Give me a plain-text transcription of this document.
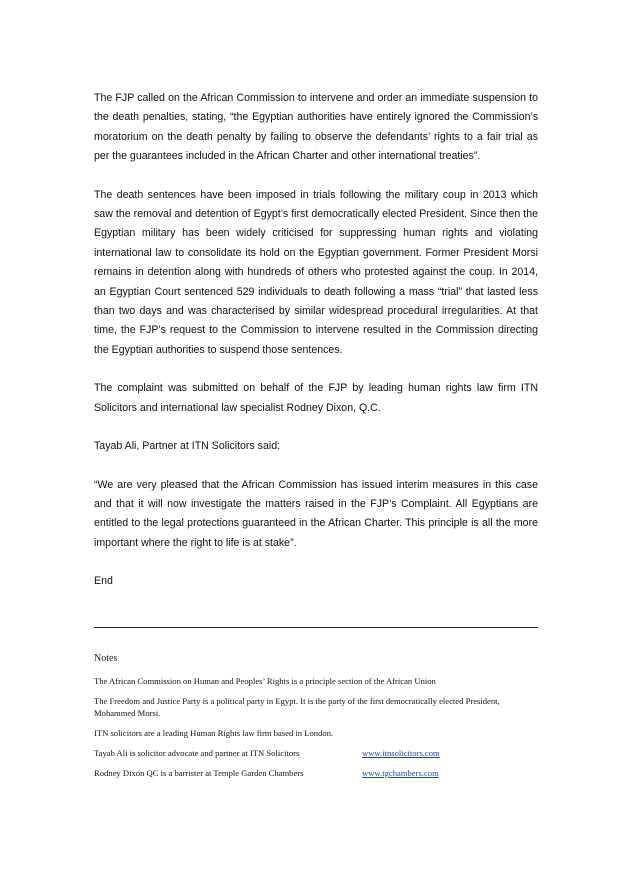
The FJP called on the African Commission to intervene and order an immediate suspension to the death penalties, stating, “the Egyptian authorities have entirely ignored the Commission’s moratorium on the death penalty by failing to observe the defendants’ rights to a fair trial as per the guarantees included in the African Charter and other international treaties”.

The death sentences have been imposed in trials following the military coup in 2013 which saw the removal and detention of Egypt’s first democratically elected President. Since then the Egyptian military has been widely criticised for suppressing human rights and violating international law to consolidate its hold on the Egyptian government. Former President Morsi remains in detention along with hundreds of others who protested against the coup. In 2014, an Egyptian Court sentenced 529 individuals to death following a mass “trial” that lasted less than two days and was characterised by similar widespread procedural irregularities. At that time, the FJP’s request to the Commission to intervene resulted in the Commission directing the Egyptian authorities to suspend those sentences.

The complaint was submitted on behalf of the FJP by leading human rights law firm ITN Solicitors and international law specialist Rodney Dixon, Q.C.

Tayab Ali, Partner at ITN Solicitors said:

“We are very pleased that the African Commission has issued interim measures in this case and that it will now investigate the matters raised in the FJP’s Complaint. All Egyptians are entitled to the legal protections guaranteed in the African Charter. This principle is all the more important where the right to life is at stake”.

End

Notes

The African Commission on Human and Peoples’ Rights is a principle section of the African Union

The Freedom and Justice Party is a political party in Egypt. It is the party of the first democratically elected President, Mohammed Morsi.

ITN solicitors are a leading Human Rights law firm based in London.

Tayab Ali is solicitor advocate and partner at ITN Solicitors	www.itnsolicitors.com
Rodney Dixon QC is a barrister at Temple Garden Chambers	www.tgchambers.com
